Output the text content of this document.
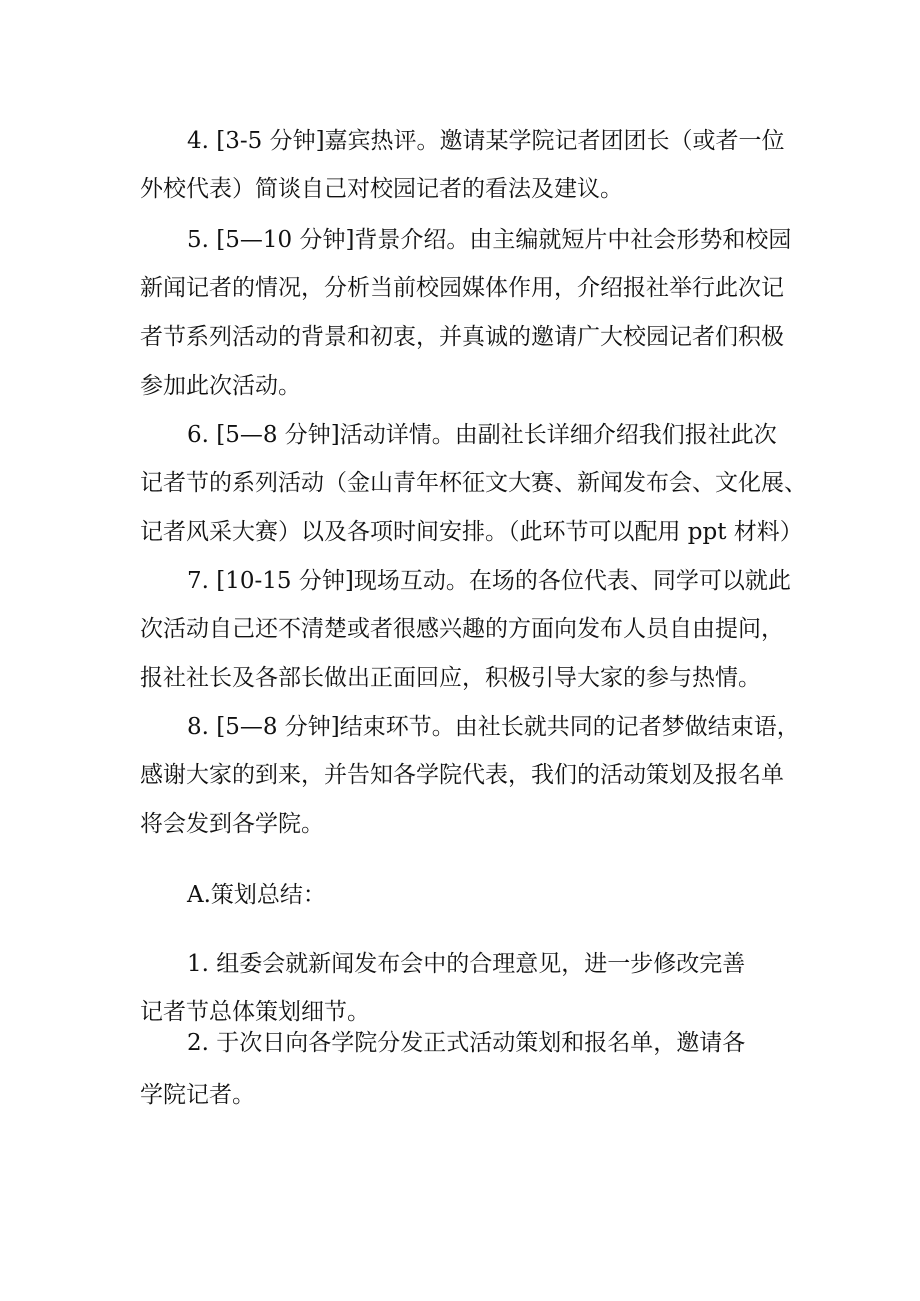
4. [3-5 分钟]嘉宾热评。邀请某学院记者团团长（或者一位

外校代表）简谈自己对校园记者的看法及建议。

5. [5—10 分钟]背景介绍。由主编就短片中社会形势和校园

新闻记者的情况，分析当前校园媒体作用，介绍报社举行此次记

者节系列活动的背景和初衷，并真诚的邀请广大校园记者们积极

参加此次活动。

6. [5—8 分钟]活动详情。由副社长详细介绍我们报社此次

记者节的系列活动（金山青年杯征文大赛、新闻发布会、文化展、

记者风采大赛）以及各项时间安排。（此环节可以配用 ppt 材料）

7. [10-15 分钟]现场互动。在场的各位代表、同学可以就此

次活动自己还不清楚或者很感兴趣的方面向发布人员自由提问，

报社社长及各部长做出正面回应，积极引导大家的参与热情。

8. [5—8 分钟]结束环节。由社长就共同的记者梦做结束语，

感谢大家的到来，并告知各学院代表，我们的活动策划及报名单

将会发到各学院。

A.策划总结：

1. 组委会就新闻发布会中的合理意见，进一步修改完善

记者节总体策划细节。

2. 于次日向各学院分发正式活动策划和报名单，邀请各

学院记者。
